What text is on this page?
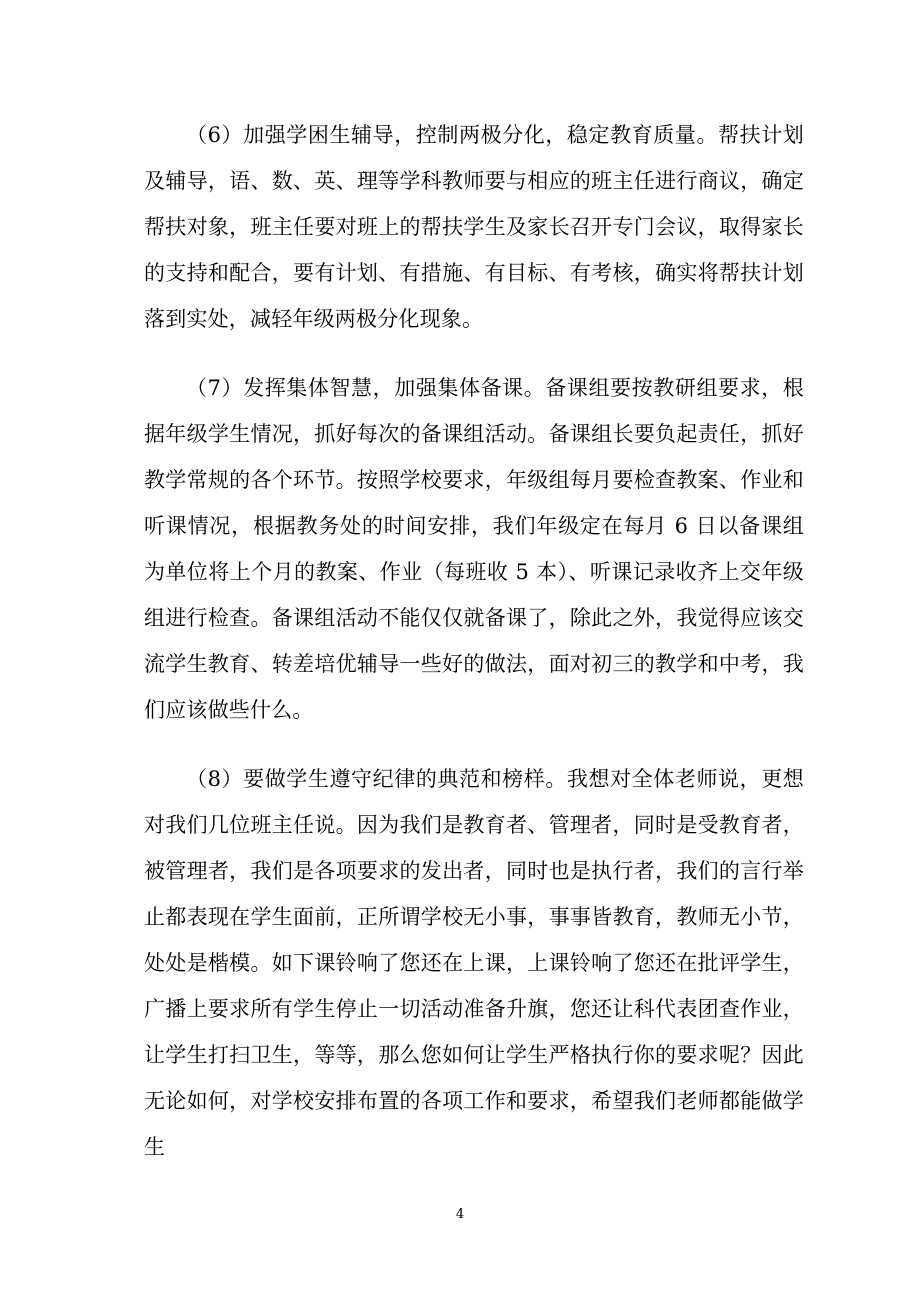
（6）加强学困生辅导，控制两极分化，稳定教育质量。帮扶计划及辅导，语、数、英、理等学科教师要与相应的班主任进行商议，确定帮扶对象，班主任要对班上的帮扶学生及家长召开专门会议，取得家长的支持和配合，要有计划、有措施、有目标、有考核，确实将帮扶计划落到实处，减轻年级两极分化现象。

（7）发挥集体智慧，加强集体备课。备课组要按教研组要求，根据年级学生情况，抓好每次的备课组活动。备课组长要负起责任，抓好教学常规的各个环节。按照学校要求，年级组每月要检查教案、作业和听课情况，根据教务处的时间安排，我们年级定在每月 6 日以备课组为单位将上个月的教案、作业（每班收 5 本）、听课记录收齐上交年级组进行检查。备课组活动不能仅仅就备课了，除此之外，我觉得应该交流学生教育、转差培优辅导一些好的做法，面对初三的教学和中考，我们应该做些什么。

（8）要做学生遵守纪律的典范和榜样。我想对全体老师说，更想对我们几位班主任说。因为我们是教育者、管理者，同时是受教育者，被管理者，我们是各项要求的发出者，同时也是执行者，我们的言行举止都表现在学生面前，正所谓学校无小事，事事皆教育，教师无小节，处处是楷模。如下课铃响了您还在上课，上课铃响了您还在批评学生，广播上要求所有学生停止一切活动准备升旗，您还让科代表团查作业，让学生打扫卫生，等等，那么您如何让学生严格执行你的要求呢？因此无论如何，对学校安排布置的各项工作和要求，希望我们老师都能做学生

4
